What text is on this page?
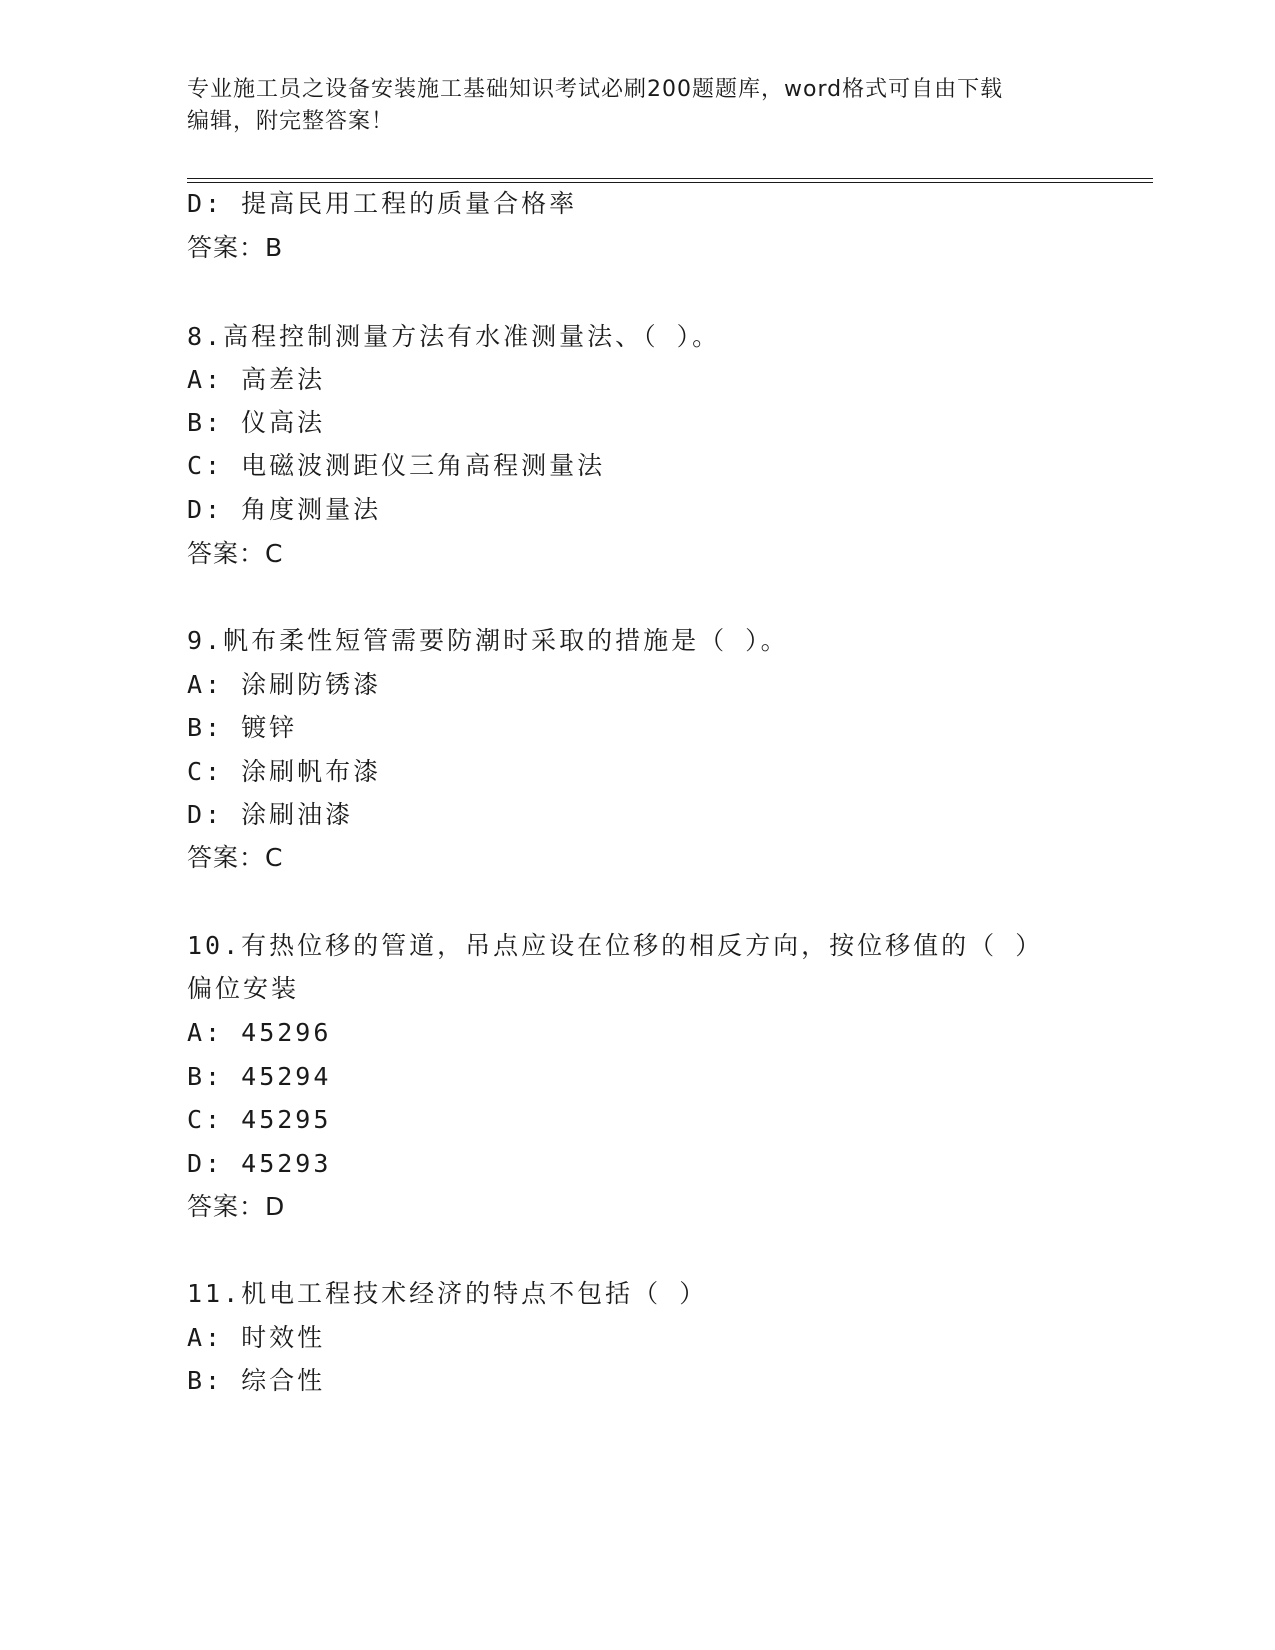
专业施工员之设备安装施工基础知识考试必刷200题题库，word格式可自由下载
编辑，附完整答案！
D: 提高民用工程的质量合格率
答案：B
8.高程控制测量方法有水准测量法、（ ）。
A: 高差法
B: 仪高法
C: 电磁波测距仪三角高程测量法
D: 角度测量法
答案：C
9.帆布柔性短管需要防潮时采取的措施是（ ）。
A: 涂刷防锈漆
B: 镀锌
C: 涂刷帆布漆
D: 涂刷油漆
答案：C
10.有热位移的管道，吊点应设在位移的相反方向，按位移值的（ ）
偏位安装
A: 45296
B: 45294
C: 45295
D: 45293
答案：D
11.机电工程技术经济的特点不包括（ ）
A: 时效性
B: 综合性
